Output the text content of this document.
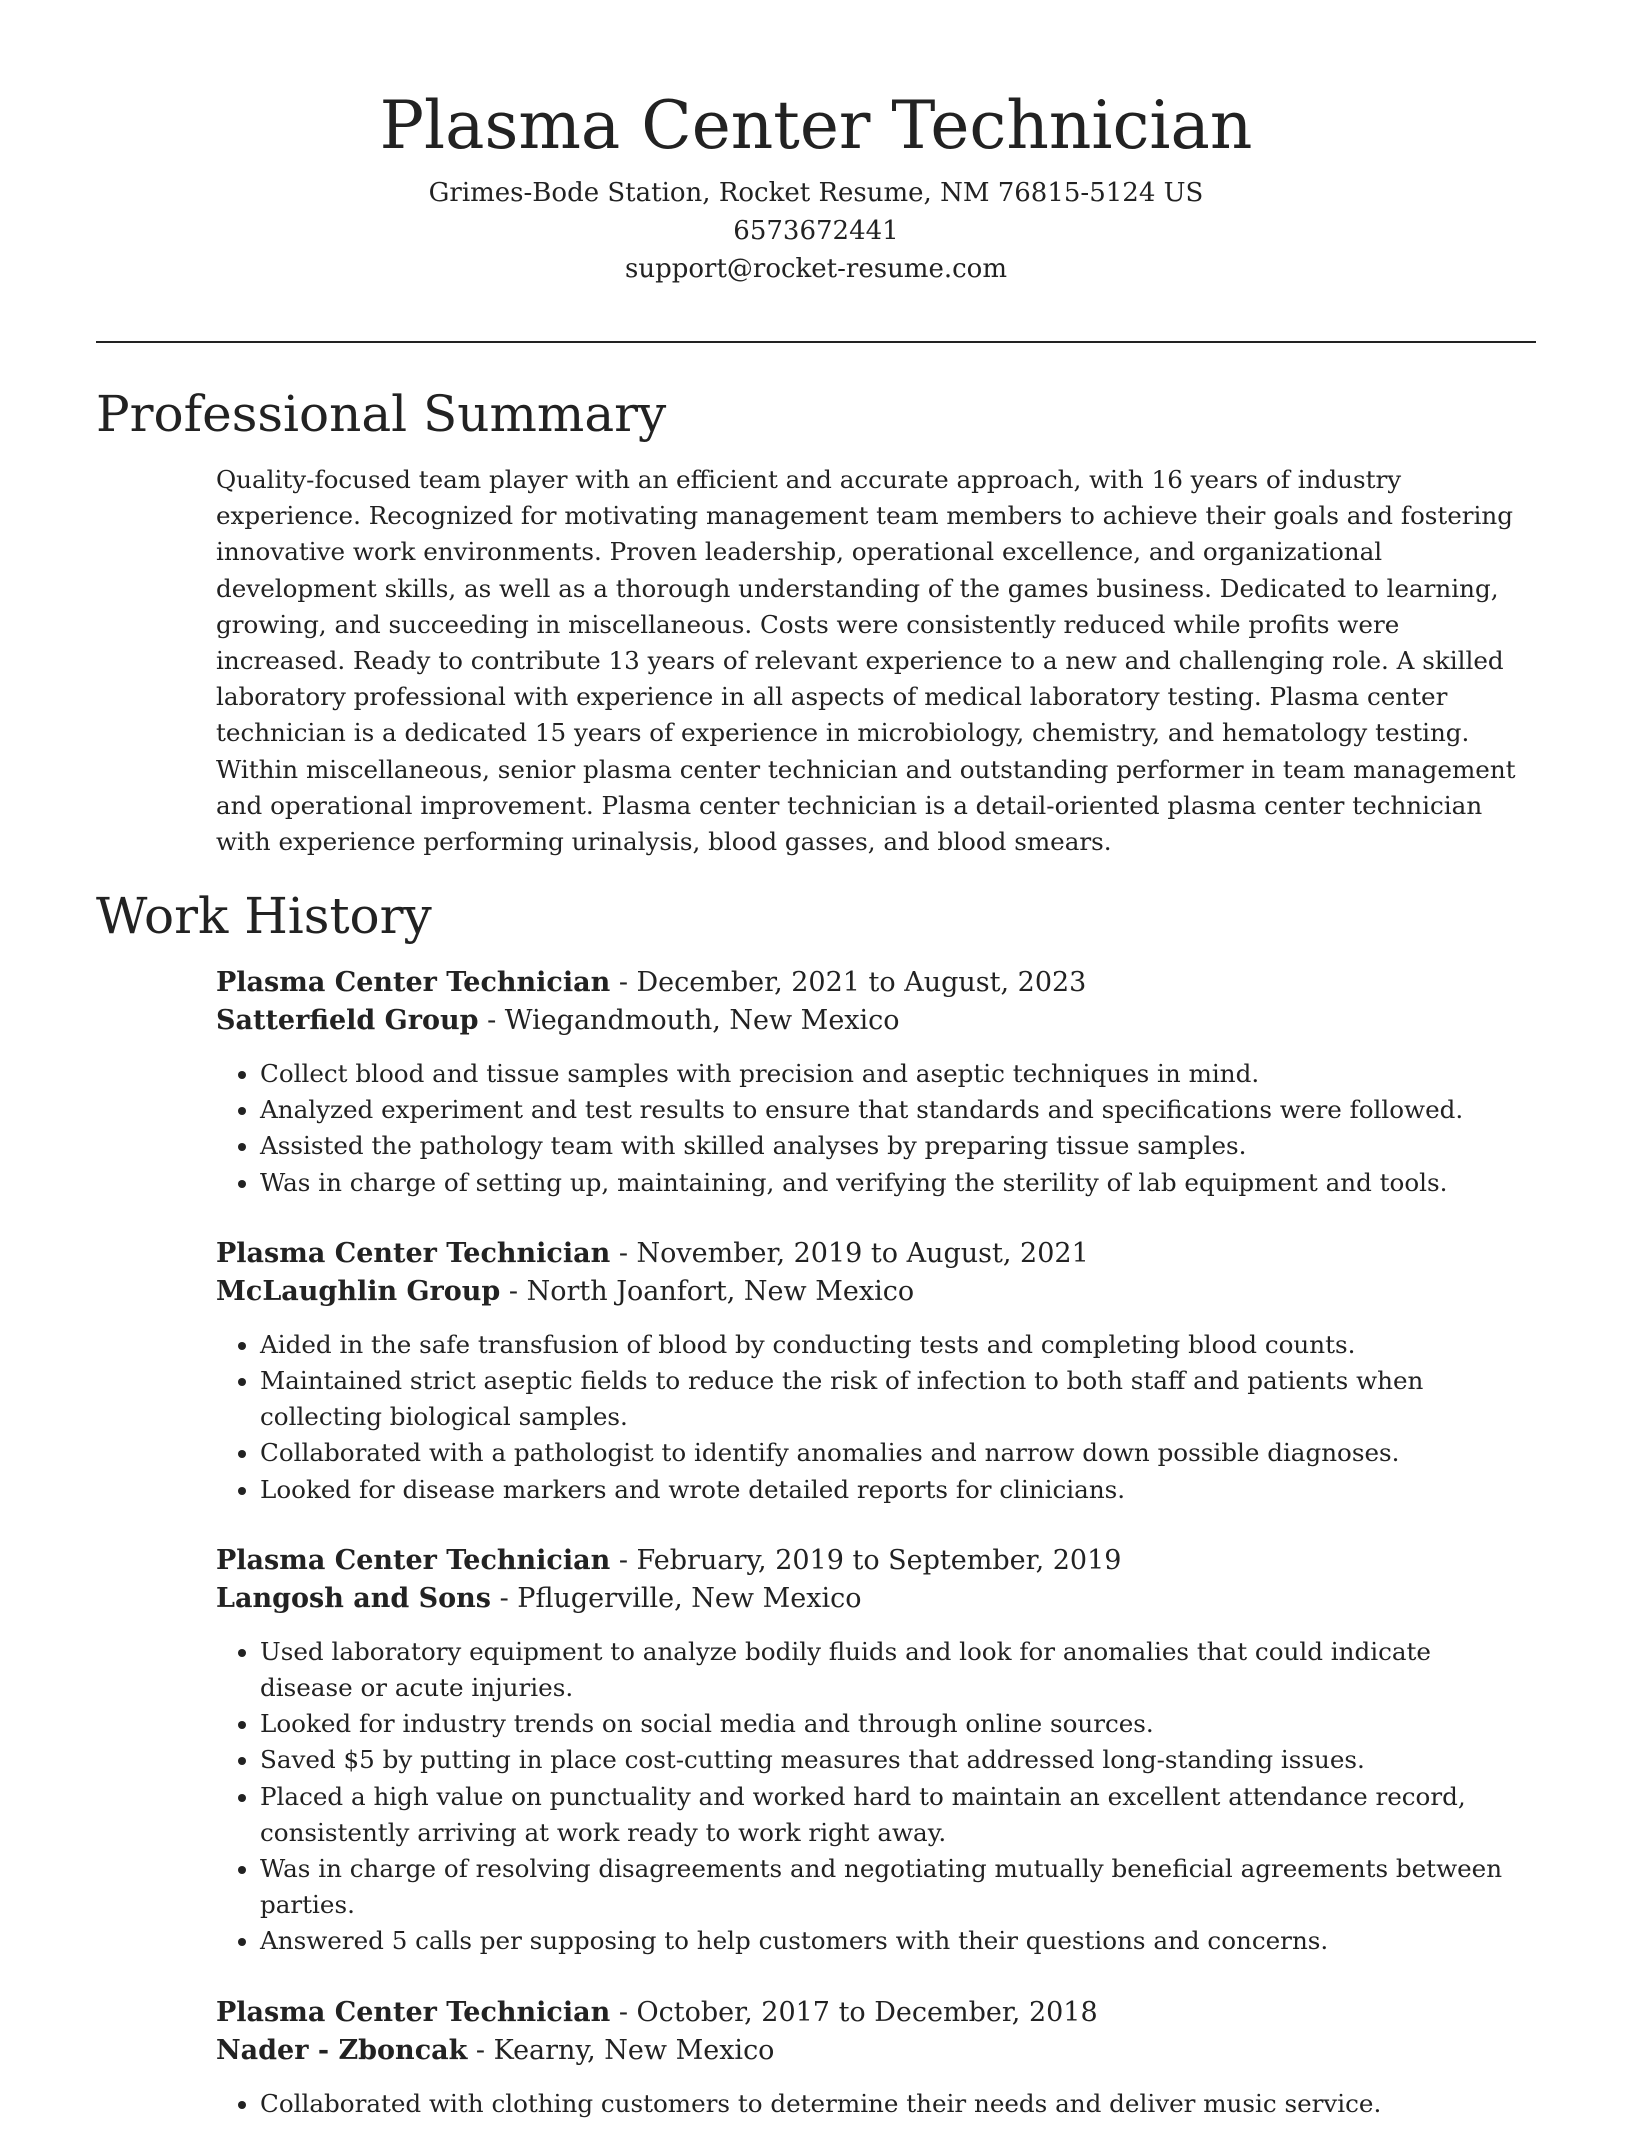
Plasma Center Technician

Grimes-Bode Station, Rocket Resume, NM 76815-5124 US

6573672441

support@rocket-resume.com

Professional Summary

Quality-focused team player with an efficient and accurate approach, with 16 years of industry experience. Recognized for motivating management team members to achieve their goals and fostering innovative work environments. Proven leadership, operational excellence, and organizational development skills, as well as a thorough understanding of the games business. Dedicated to learning, growing, and succeeding in miscellaneous. Costs were consistently reduced while profits were increased. Ready to contribute 13 years of relevant experience to a new and challenging role. A skilled laboratory professional with experience in all aspects of medical laboratory testing. Plasma center technician is a dedicated 15 years of experience in microbiology, chemistry, and hematology testing. Within miscellaneous, senior plasma center technician and outstanding performer in team management and operational improvement. Plasma center technician is a detail-oriented plasma center technician with experience performing urinalysis, blood gasses, and blood smears.

Work History

Plasma Center Technician - December, 2021 to August, 2023

Satterfield Group - Wiegandmouth, New Mexico

• Collect blood and tissue samples with precision and aseptic techniques in mind.
• Analyzed experiment and test results to ensure that standards and specifications were followed.
• Assisted the pathology team with skilled analyses by preparing tissue samples.
• Was in charge of setting up, maintaining, and verifying the sterility of lab equipment and tools.

Plasma Center Technician - November, 2019 to August, 2021

McLaughlin Group - North Joanfort, New Mexico

• Aided in the safe transfusion of blood by conducting tests and completing blood counts.
• Maintained strict aseptic fields to reduce the risk of infection to both staff and patients when collecting biological samples.
• Collaborated with a pathologist to identify anomalies and narrow down possible diagnoses.
• Looked for disease markers and wrote detailed reports for clinicians.

Plasma Center Technician - February, 2019 to September, 2019

Langosh and Sons - Pflugerville, New Mexico

• Used laboratory equipment to analyze bodily fluids and look for anomalies that could indicate disease or acute injuries.
• Looked for industry trends on social media and through online sources.
• Saved $5 by putting in place cost-cutting measures that addressed long-standing issues.
• Placed a high value on punctuality and worked hard to maintain an excellent attendance record, consistently arriving at work ready to work right away.
• Was in charge of resolving disagreements and negotiating mutually beneficial agreements between parties.
• Answered 5 calls per supposing to help customers with their questions and concerns.

Plasma Center Technician - October, 2017 to December, 2018

Nader - Zboncak - Kearny, New Mexico

• Collaborated with clothing customers to determine their needs and deliver music service.
